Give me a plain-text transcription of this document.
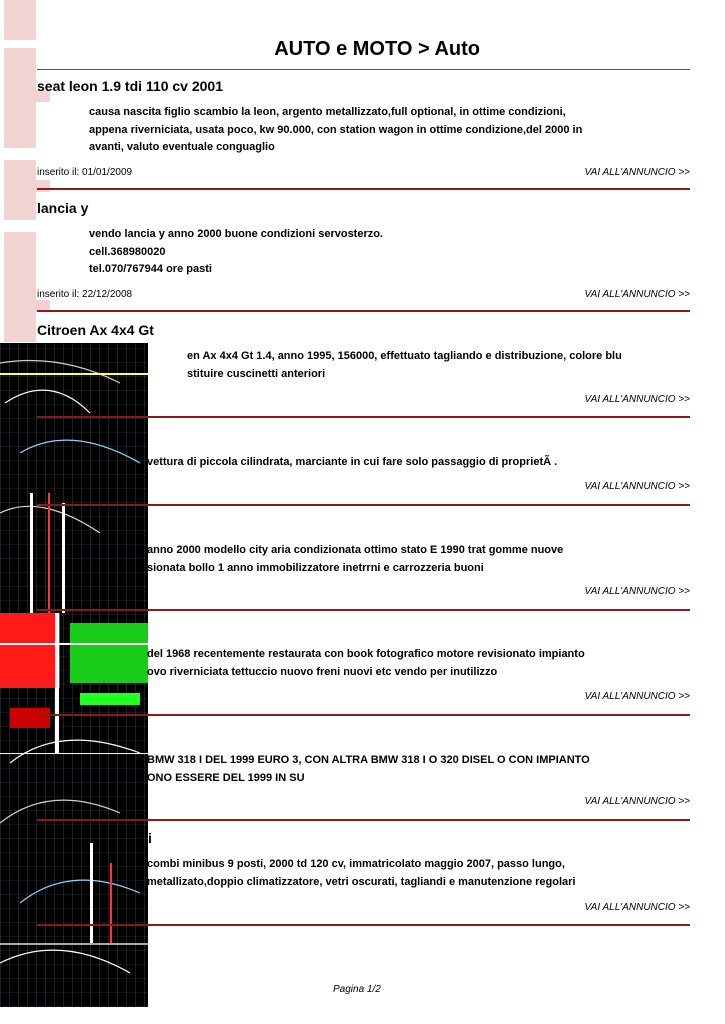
AUTO e MOTO > Auto
seat leon 1.9 tdi 110 cv 2001
causa nascita figlio scambio la leon, argento metallizzato,full optional, in ottime condizioni,
appena riverniciata, usata poco, kw 90.000, con station wagon in ottime condizione,del 2000 in
avanti, valuto eventuale conguaglio
inserito il: 01/01/2009	VAI ALL'ANNUNCIO >>
lancia y
vendo lancia y anno 2000 buone condizioni servosterzo.
cell.368980020
tel.070/767944 ore pasti
inserito il: 22/12/2008	VAI ALL'ANNUNCIO >>
Citroen Ax 4x4 Gt
en Ax 4x4 Gt 1.4, anno 1995, 156000, effettuato tagliando e distribuzione, colore blu
stituire cuscinetti anteriori
VAI ALL'ANNUNCIO >>
vettura di piccola cilindrata, marciante in cui fare solo passaggio di proprietÃ .
VAI ALL'ANNUNCIO >>
anno 2000 modello city aria condizionata ottimo stato E 1990 trat gomme nuove
sionata bollo 1 anno immobilizzatore inetrrni e carrozzeria buoni
VAI ALL'ANNUNCIO >>
del 1968 recentemente restaurata con book fotografico motore revisionato impianto
ovo riverniciata tettuccio nuovo freni nuovi etc vendo per inutilizzo
VAI ALL'ANNUNCIO >>
BMW 318 I DEL 1999 EURO 3, CON ALTRA BMW 318 I O 320 DISEL O CON IMPIANTO
ONO ESSERE DEL 1999 IN SU
VAI ALL'ANNUNCIO >>
i
combi minibus 9 posti, 2000 td 120 cv, immatricolato maggio 2007, passo lungo,
metallizato,doppio climatizzatore, vetri oscurati, tagliandi e manutenzione regolari
VAI ALL'ANNUNCIO >>
Pagina 1/2
